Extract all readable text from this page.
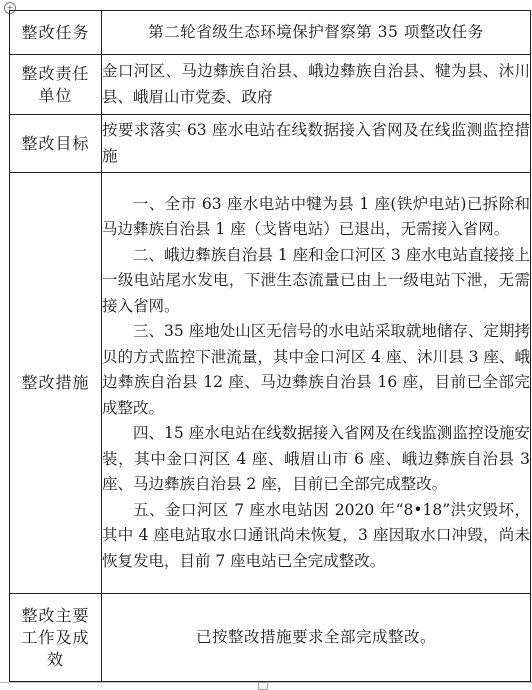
+
整改任务	第二轮省级生态环境保护督察第 35 项整改任务
整改责任单位	金口河区、马边彝族自治县、峨边彝族自治县、犍为县、沐川县、峨眉山市党委、政府
整改目标	按要求落实 63 座水电站在线数据接入省网及在线监测监控措施
整改措施	一、全市 63 座水电站中犍为县 1 座(铁炉电站)已拆除和马边彝族自治县 1 座（戈皆电站）已退出，无需接入省网。
二、峨边彝族自治县 1 座和金口河区 3 座水电站直接接上一级电站尾水发电，下泄生态流量已由上一级电站下泄，无需接入省网。
三、35 座地处山区无信号的水电站采取就地储存、定期拷贝的方式监控下泄流量，其中金口河区 4 座、沐川县 3 座、峨边彝族自治县 12 座、马边彝族自治县 16 座，目前已全部完成整改。
四、15 座水电站在线数据接入省网及在线监测监控设施安装，其中金口河区 4 座、峨眉山市 6 座、峨边彝族自治县 3 座、马边彝族自治县 2 座，目前已全部完成整改。
五、金口河区 7 座水电站因 2020 年“8•18”洪灾毁坏，其中 4 座电站取水口通讯尚未恢复，3 座因取水口冲毁，尚未恢复发电，目前 7 座电站已全完成整改。

整改主要工作及成效	已按整改措施要求全部完成整改。
